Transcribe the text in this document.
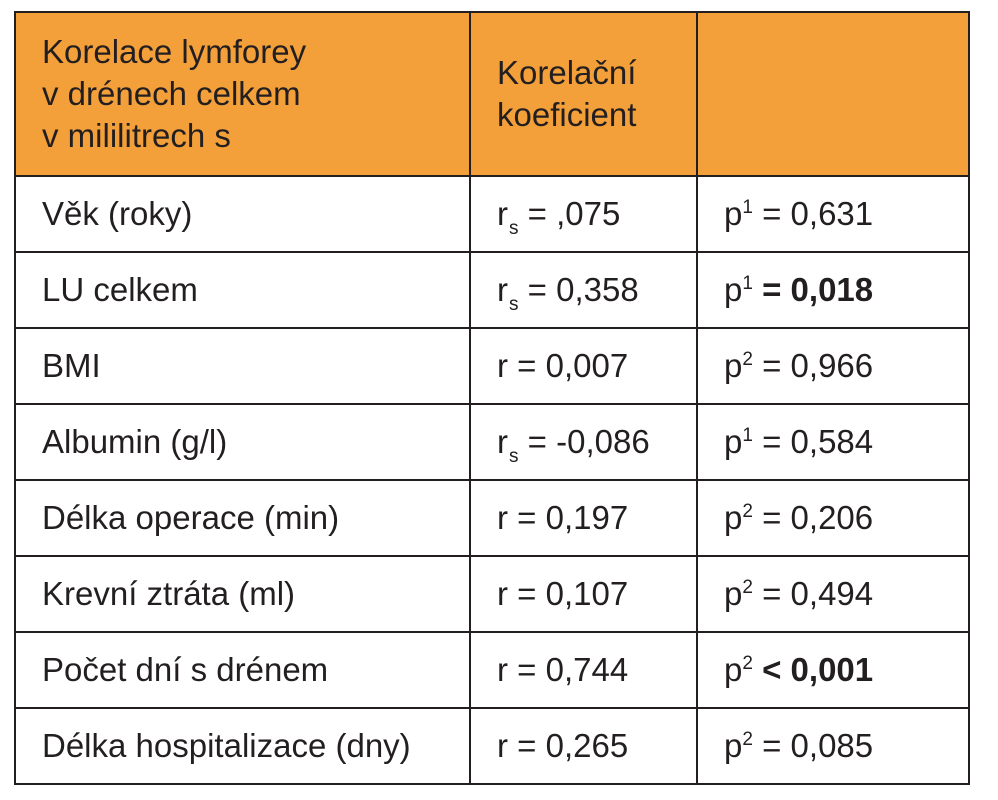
Korelace lymforey
v drénech celkem
v mililitrech s	Korelační
koeficient	

Věk (roky)	$r_s = ,075$	$p^1 = 0,631$
LU celkem	$r_s = 0,358$	$p^1 = 0,018$
BMI	r = 0,007	$p^2 = 0,966$
Albumin (g/l)	$r_s = -0,086$	$p^1 = 0,584$
Délka operace (min)	r = 0,197	$p^2 = 0,206$
Krevní ztráta (ml)	r = 0,107	$p^2 = 0,494$
Počet dní s drénem	r = 0,744	$p^2 < 0,001$
Délka hospitalizace (dny)	r = 0,265	$p^2 = 0,085$
